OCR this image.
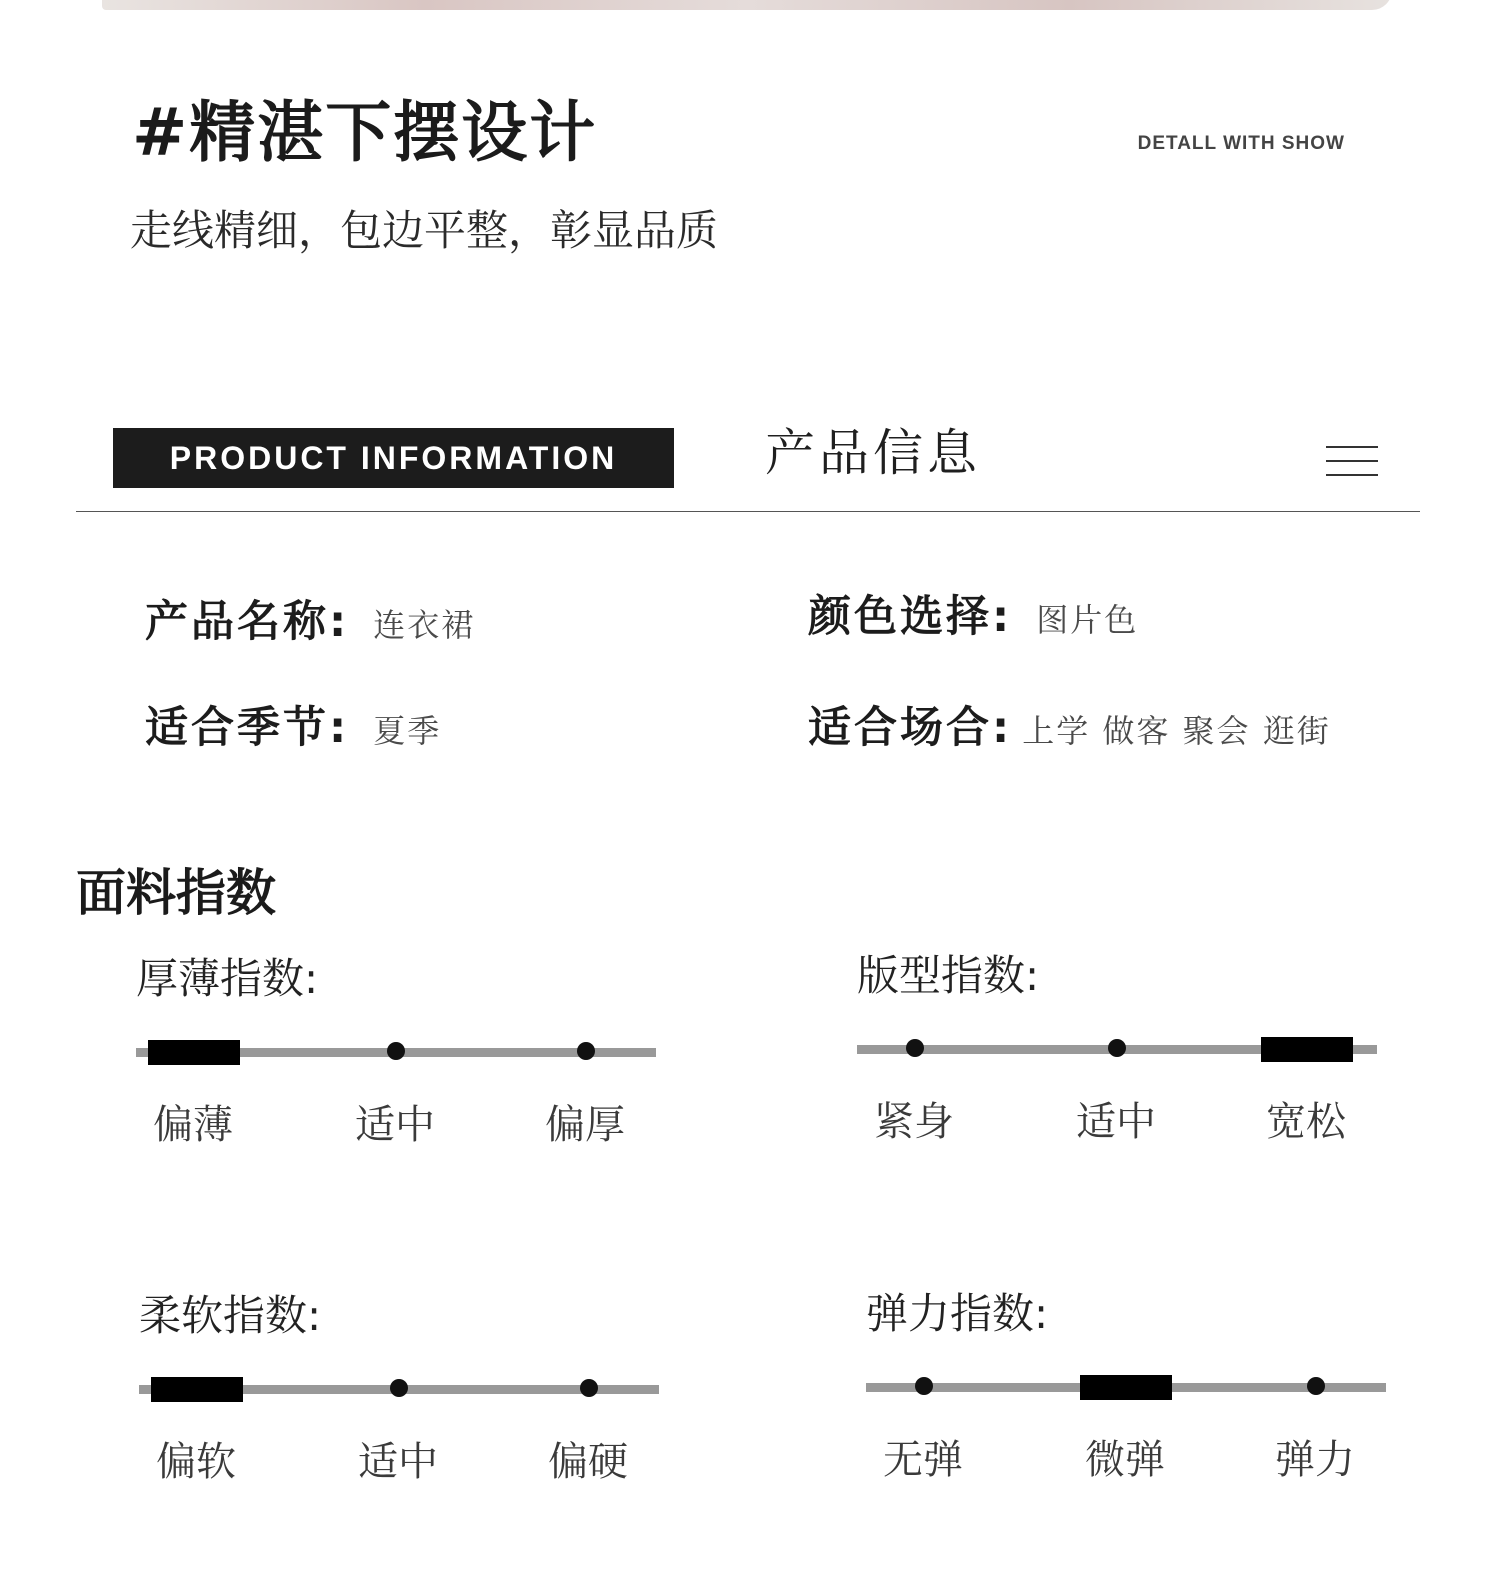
#精湛下摆设计	DETALL WITH SHOW
走线精细，包边平整，彰显品质
PRODUCT INFORMATION	产品信息
产品名称: 连衣裙	颜色选择: 图片色
适合季节: 夏季	适合场合: 上学 做客 聚会 逛街
面料指数
厚薄指数:
偏薄	适中	偏厚
版型指数:
紧身	适中	宽松
柔软指数:
偏软	适中	偏硬
弹力指数:
无弹	微弹	弹力
